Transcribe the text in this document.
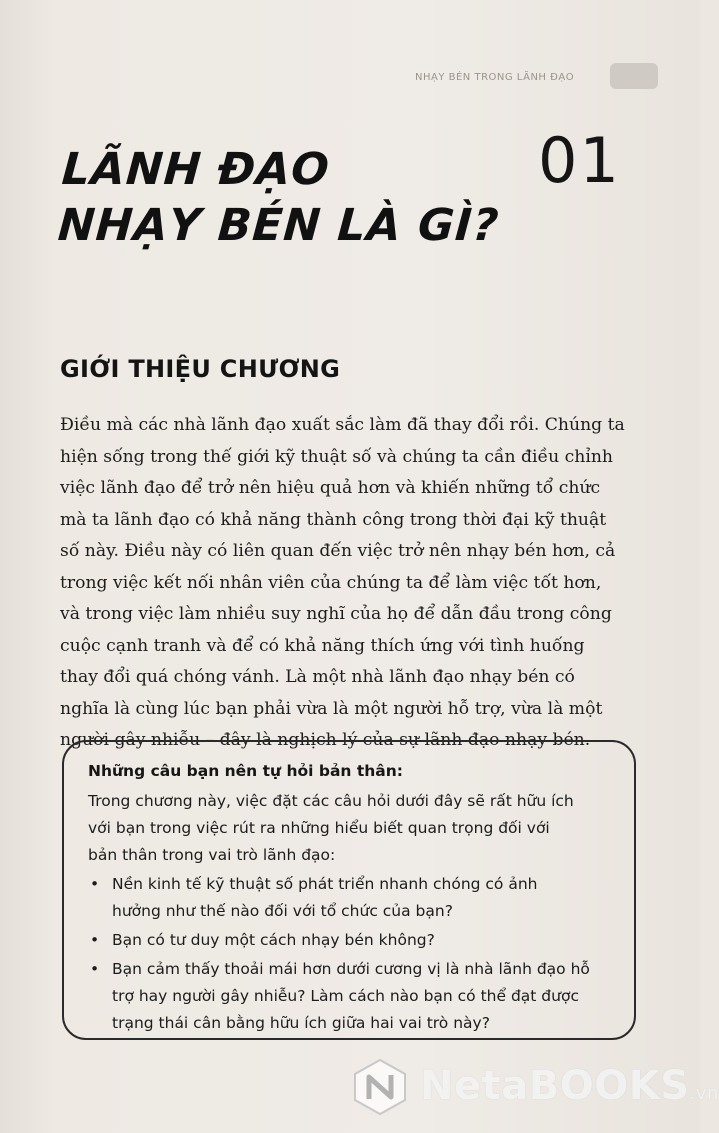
NHẠY BÉN TRONG LÃNH ĐẠO
LÃNH ĐẠO
NHẠY BÉN LÀ GÌ?
01
GIỚI THIỆU CHƯƠNG
Điều mà các nhà lãnh đạo xuất sắc làm đã thay đổi rồi. Chúng ta
hiện sống trong thế giới kỹ thuật số và chúng ta cần điều chỉnh
việc lãnh đạo để trở nên hiệu quả hơn và khiến những tổ chức
mà ta lãnh đạo có khả năng thành công trong thời đại kỹ thuật
số này. Điều này có liên quan đến việc trở nên nhạy bén hơn, cả
trong việc kết nối nhân viên của chúng ta để làm việc tốt hơn,
và trong việc làm nhiều suy nghĩ của họ để dẫn đầu trong công
cuộc cạnh tranh và để có khả năng thích ứng với tình huống
thay đổi quá chóng vánh. Là một nhà lãnh đạo nhạy bén có
nghĩa là cùng lúc bạn phải vừa là một người hỗ trợ, vừa là một
người gây nhiễu – đây là nghịch lý của sự lãnh đạo nhạy bén.
Những câu bạn nên tự hỏi bản thân:
Trong chương này, việc đặt các câu hỏi dưới đây sẽ rất hữu ích
với bạn trong việc rút ra những hiểu biết quan trọng đối với
bản thân trong vai trò lãnh đạo:
• Nền kinh tế kỹ thuật số phát triển nhanh chóng có ảnh
hưởng như thế nào đối với tổ chức của bạn?
• Bạn có tư duy một cách nhạy bén không?
• Bạn cảm thấy thoải mái hơn dưới cương vị là nhà lãnh đạo hỗ
trợ hay người gây nhiễu? Làm cách nào bạn có thể đạt được
trạng thái cân bằng hữu ích giữa hai vai trò này?
NetaBOOKS.vn
